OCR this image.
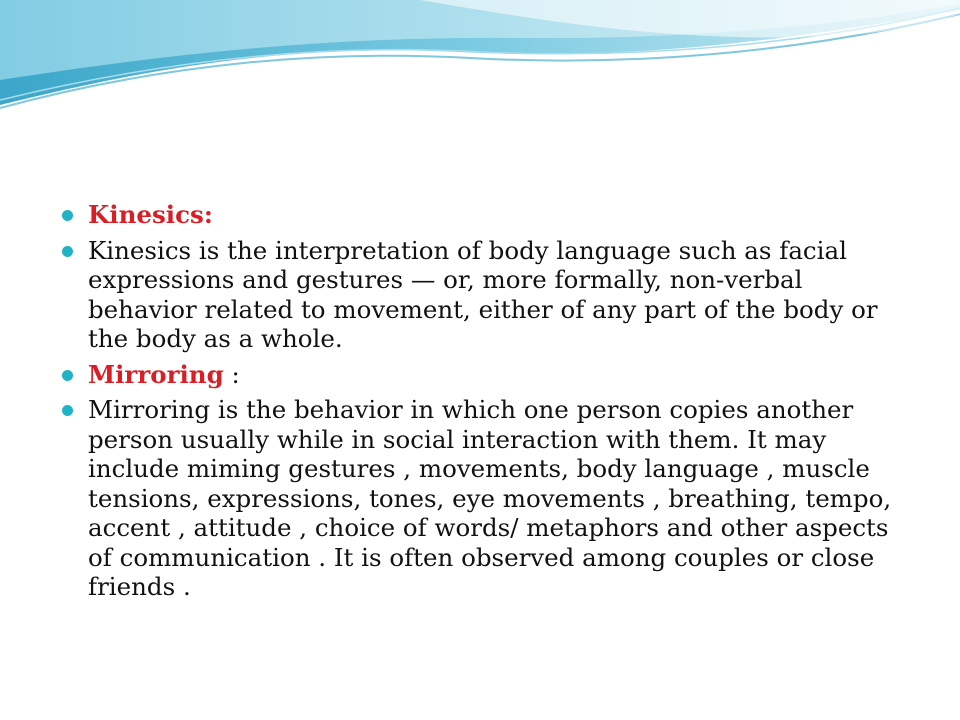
Kinesics:
Kinesics is the interpretation of body language such as facial expressions and gestures — or, more formally, non-verbal behavior related to movement, either of any part of the body or the body as a whole.
Mirroring :
Mirroring is the behavior in which one person copies another person usually while in social interaction with them. It may include miming gestures , movements, body language , muscle tensions, expressions, tones, eye movements , breathing, tempo, accent , attitude , choice of words/ metaphors and other aspects of communication . It is often observed among couples or close friends .
